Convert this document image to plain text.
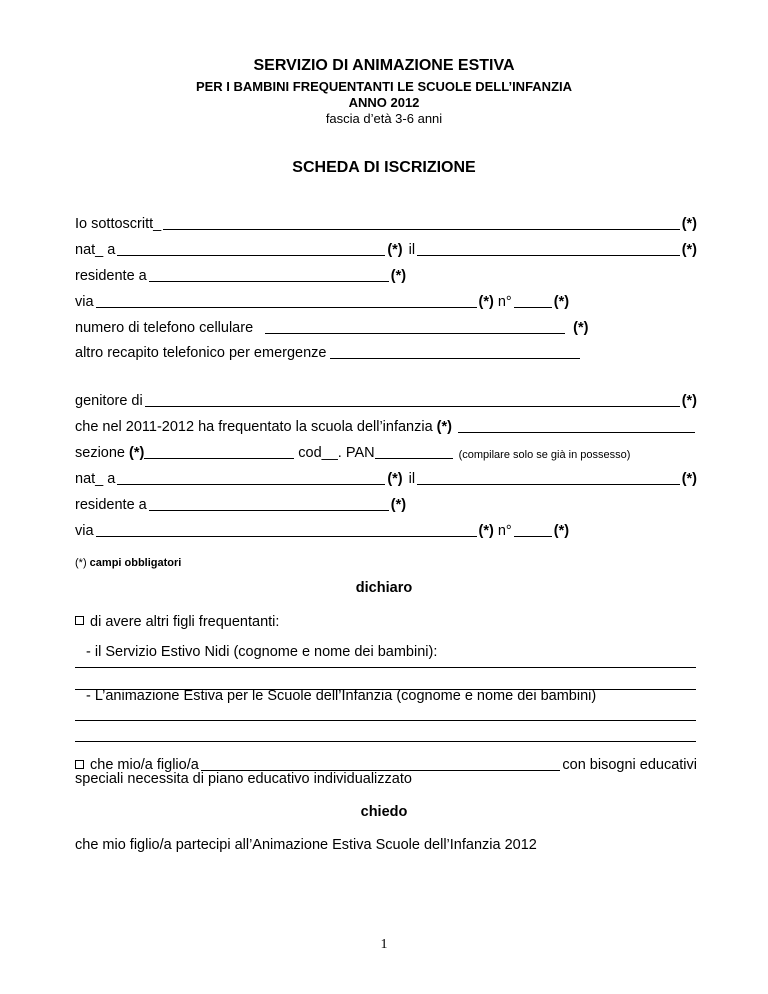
SERVIZIO DI ANIMAZIONE ESTIVA
PER I BAMBINI FREQUENTANTI LE SCUOLE DELL’INFANZIA
ANNO 2012
fascia d’età 3-6 anni
SCHEDA DI ISCRIZIONE
Io sottoscritt_	(*)
nat_ a	(*) il	(*)
residente a	(*)
via	(*) n°	(*)
numero di telefono cellulare	(*)
altro recapito telefonico per emergenze
genitore di	(*)
che nel 2011-2012 ha frequentato la scuola dell’infanzia (*)
sezione (*)	cod__. PAN	(compilare solo se già in possesso)
nat_ a	(*) il	(*)
residente a	(*)
via	(*) n°	(*)
(*) campi obbligatori
dichiaro
di avere altri figli frequentanti:
- il Servizio Estivo Nidi (cognome e nome dei bambini):
- L’animazione Estiva per le Scuole dell’Infanzia (cognome e nome dei bambini)
che mio/a figlio/a	con bisogni educativi
speciali necessita di piano educativo individualizzato
chiedo
che mio figlio/a partecipi all’Animazione Estiva Scuole dell’Infanzia 2012
1
